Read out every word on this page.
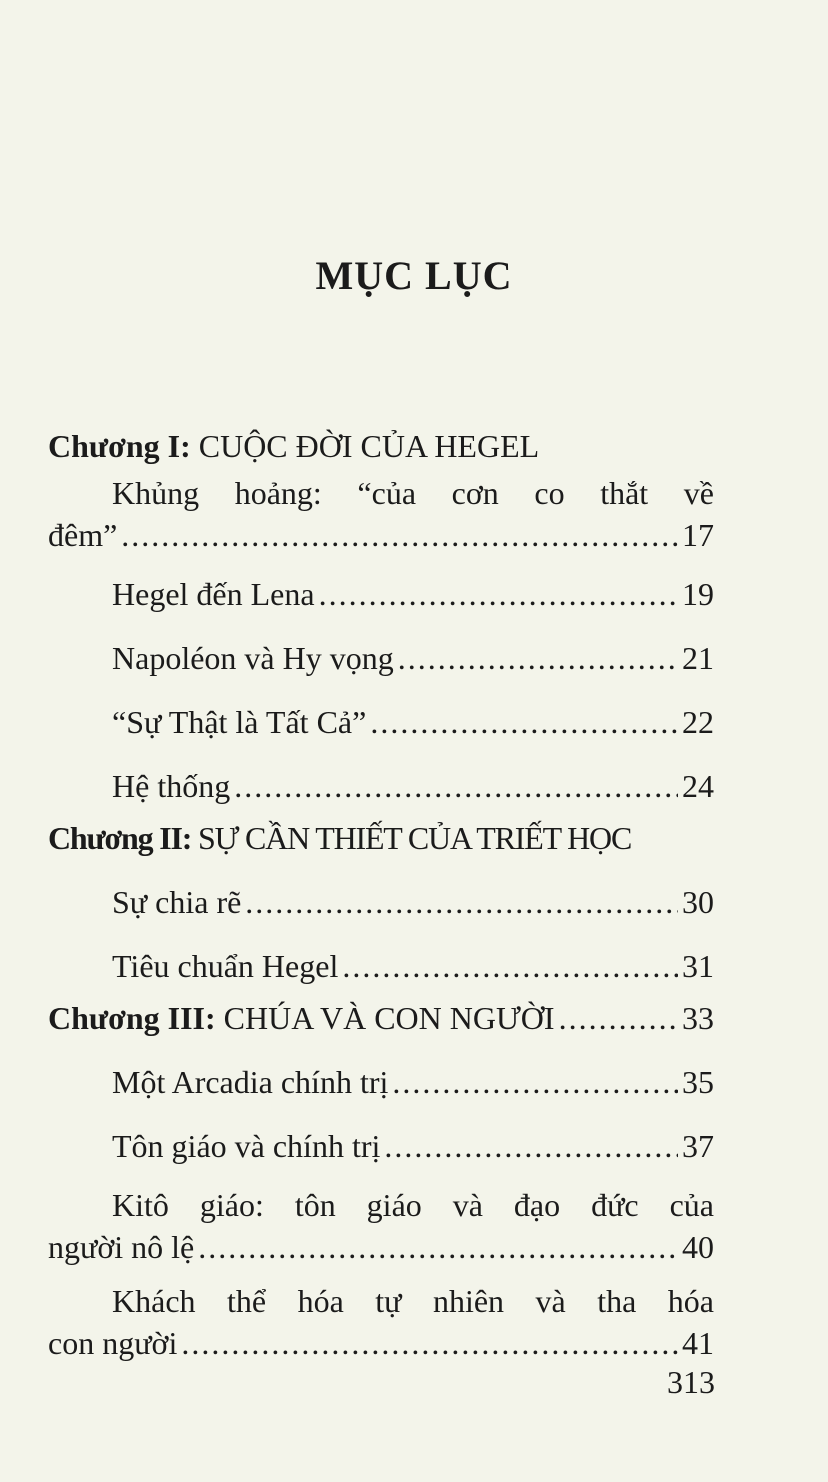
MỤC LỤC
Chương I:
CUỘC ĐỜI CỦA HEGEL
Khủng hoảng: “của cơn co thắt về
đêm” .....	17
Hegel đến Lena .....	19
Napoléon và Hy vọng .....	21
“Sự Thật là Tất Cả” .....	22
Hệ thống .....	24
Chương II:
SỰ CẦN THIẾT CỦA TRIẾT HỌC
Sự chia rẽ .....	30
Tiêu chuẩn Hegel .....	31
Chương III:
CHÚA VÀ CON NGƯỜI .....	33
Một Arcadia chính trị .....	35
Tôn giáo và chính trị .....	37
Kitô giáo: tôn giáo và đạo đức của
người nô lệ .....	40
Khách thể hóa tự nhiên và tha hóa
con người .....	41
313
